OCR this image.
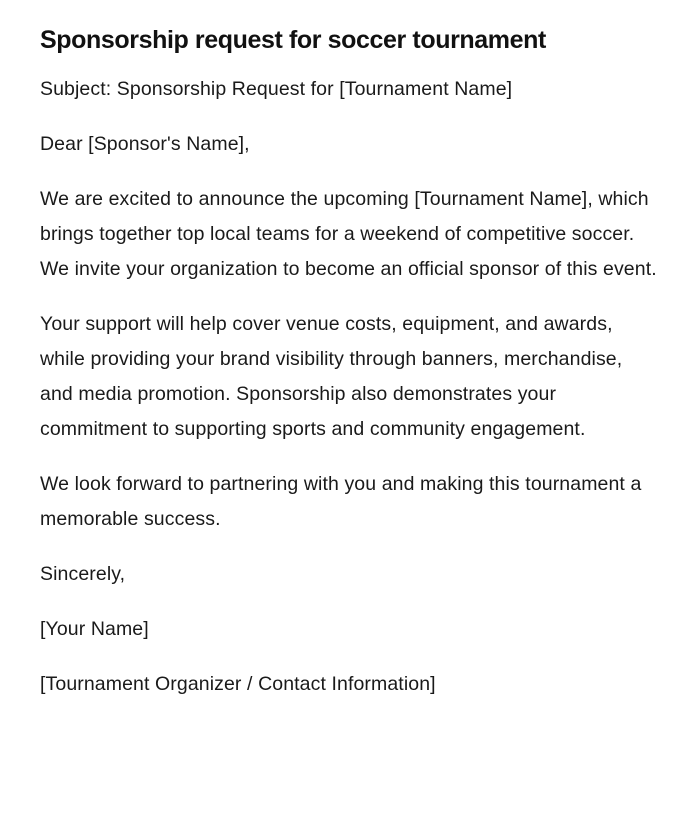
Sponsorship request for soccer tournament

Subject: Sponsorship Request for [Tournament Name]

Dear [Sponsor's Name],

We are excited to announce the upcoming [Tournament Name], which brings together top local teams for a weekend of competitive soccer. We invite your organization to become an official sponsor of this event.

Your support will help cover venue costs, equipment, and awards, while providing your brand visibility through banners, merchandise, and media promotion. Sponsorship also demonstrates your commitment to supporting sports and community engagement.

We look forward to partnering with you and making this tournament a memorable success.

Sincerely,

[Your Name]

[Tournament Organizer / Contact Information]
